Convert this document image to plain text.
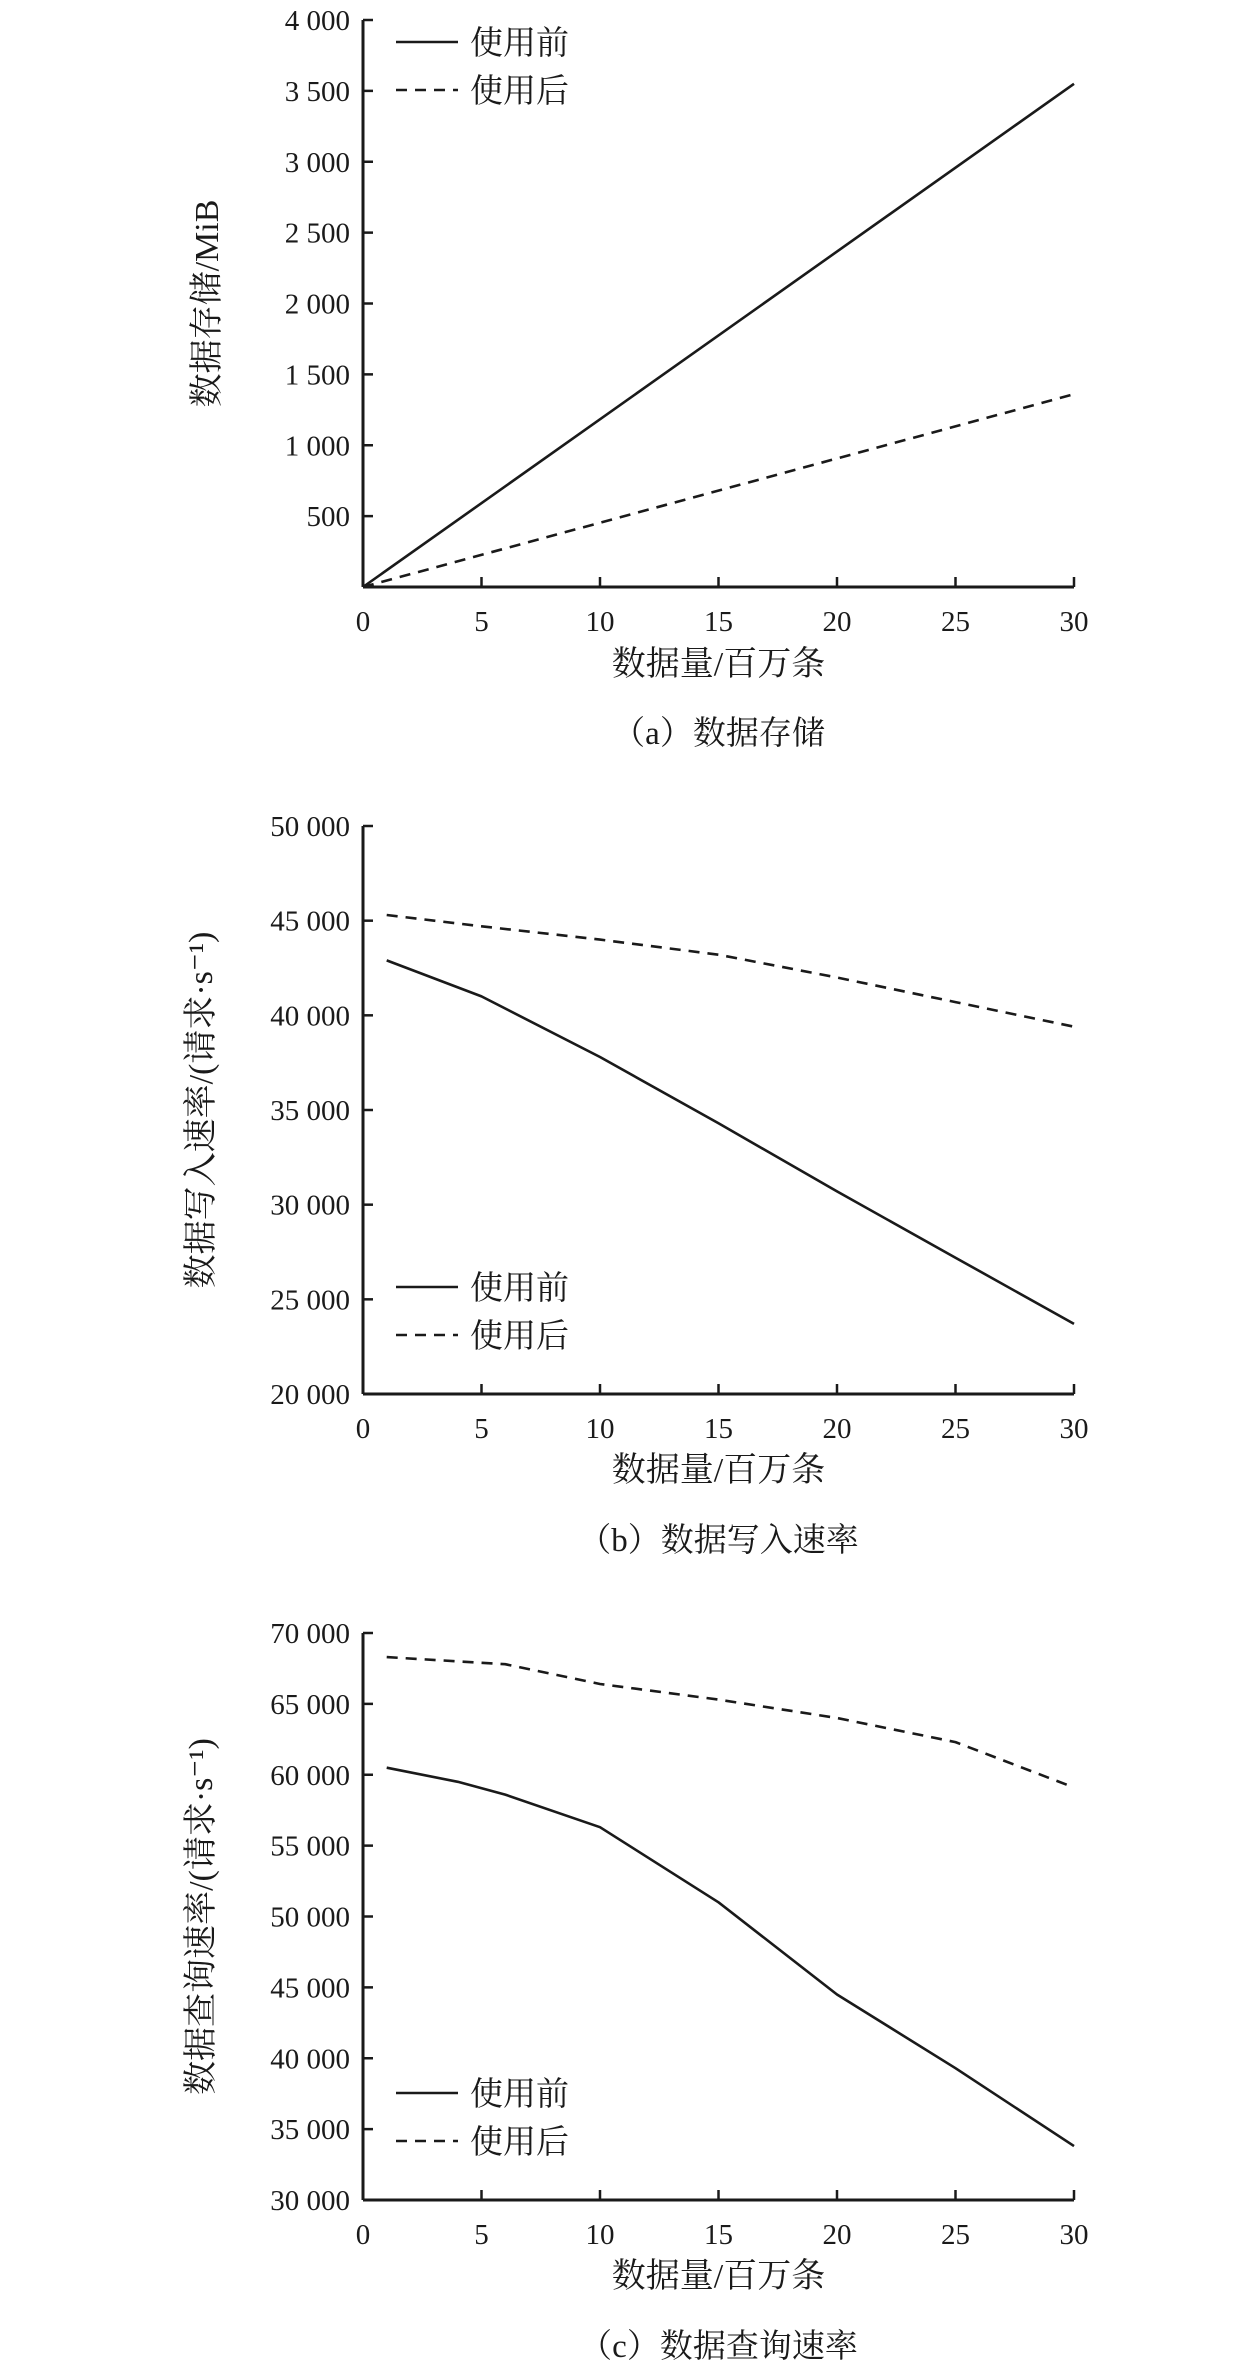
500
1 000
1 500
2 000
2 500
3 000
3 500
4 000
0	5	10	15	20	25	30
数据量/百万条
数据存储/MiB
使用前
使用后
（a）数据存储
20 000
25 000
30 000
35 000
40 000
45 000
50 000
0	5	10	15	20	25	30
数据量/百万条
数据写入速率/(请求·s⁻¹)
使用前
使用后
（b）数据写入速率
30 000
35 000
40 000
45 000
50 000
55 000
60 000
65 000
70 000
0	5	10	15	20	25	30
数据量/百万条
数据查询速率/(请求·s⁻¹)
使用前
使用后
（c）数据查询速率
